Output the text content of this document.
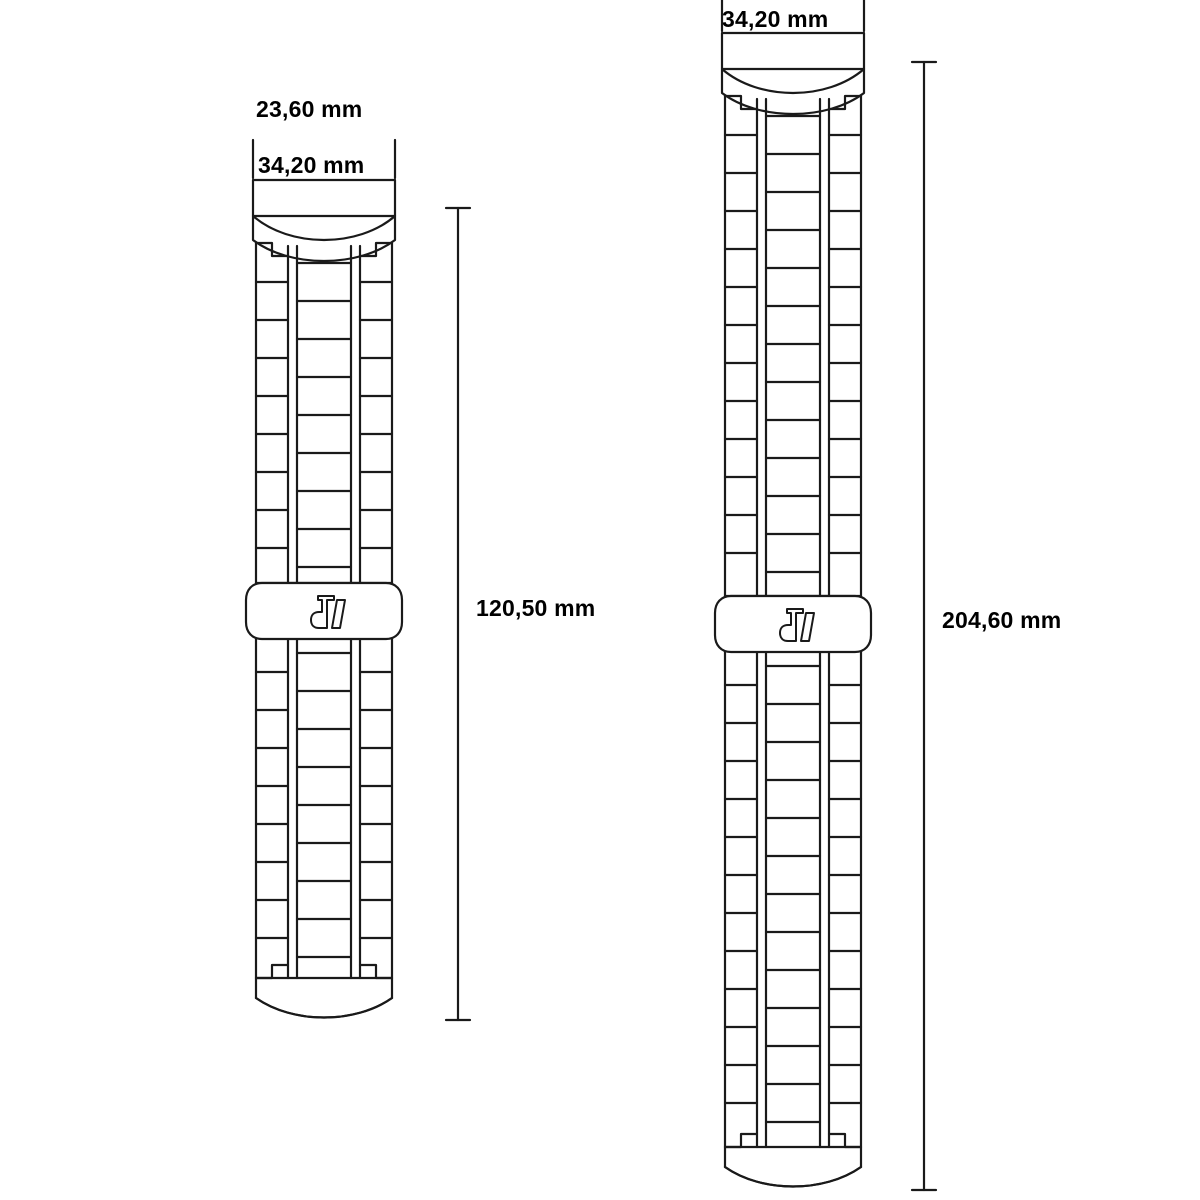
23,60 mm
34,20 mm
120,50 mm
34,20 mm
204,60 mm
